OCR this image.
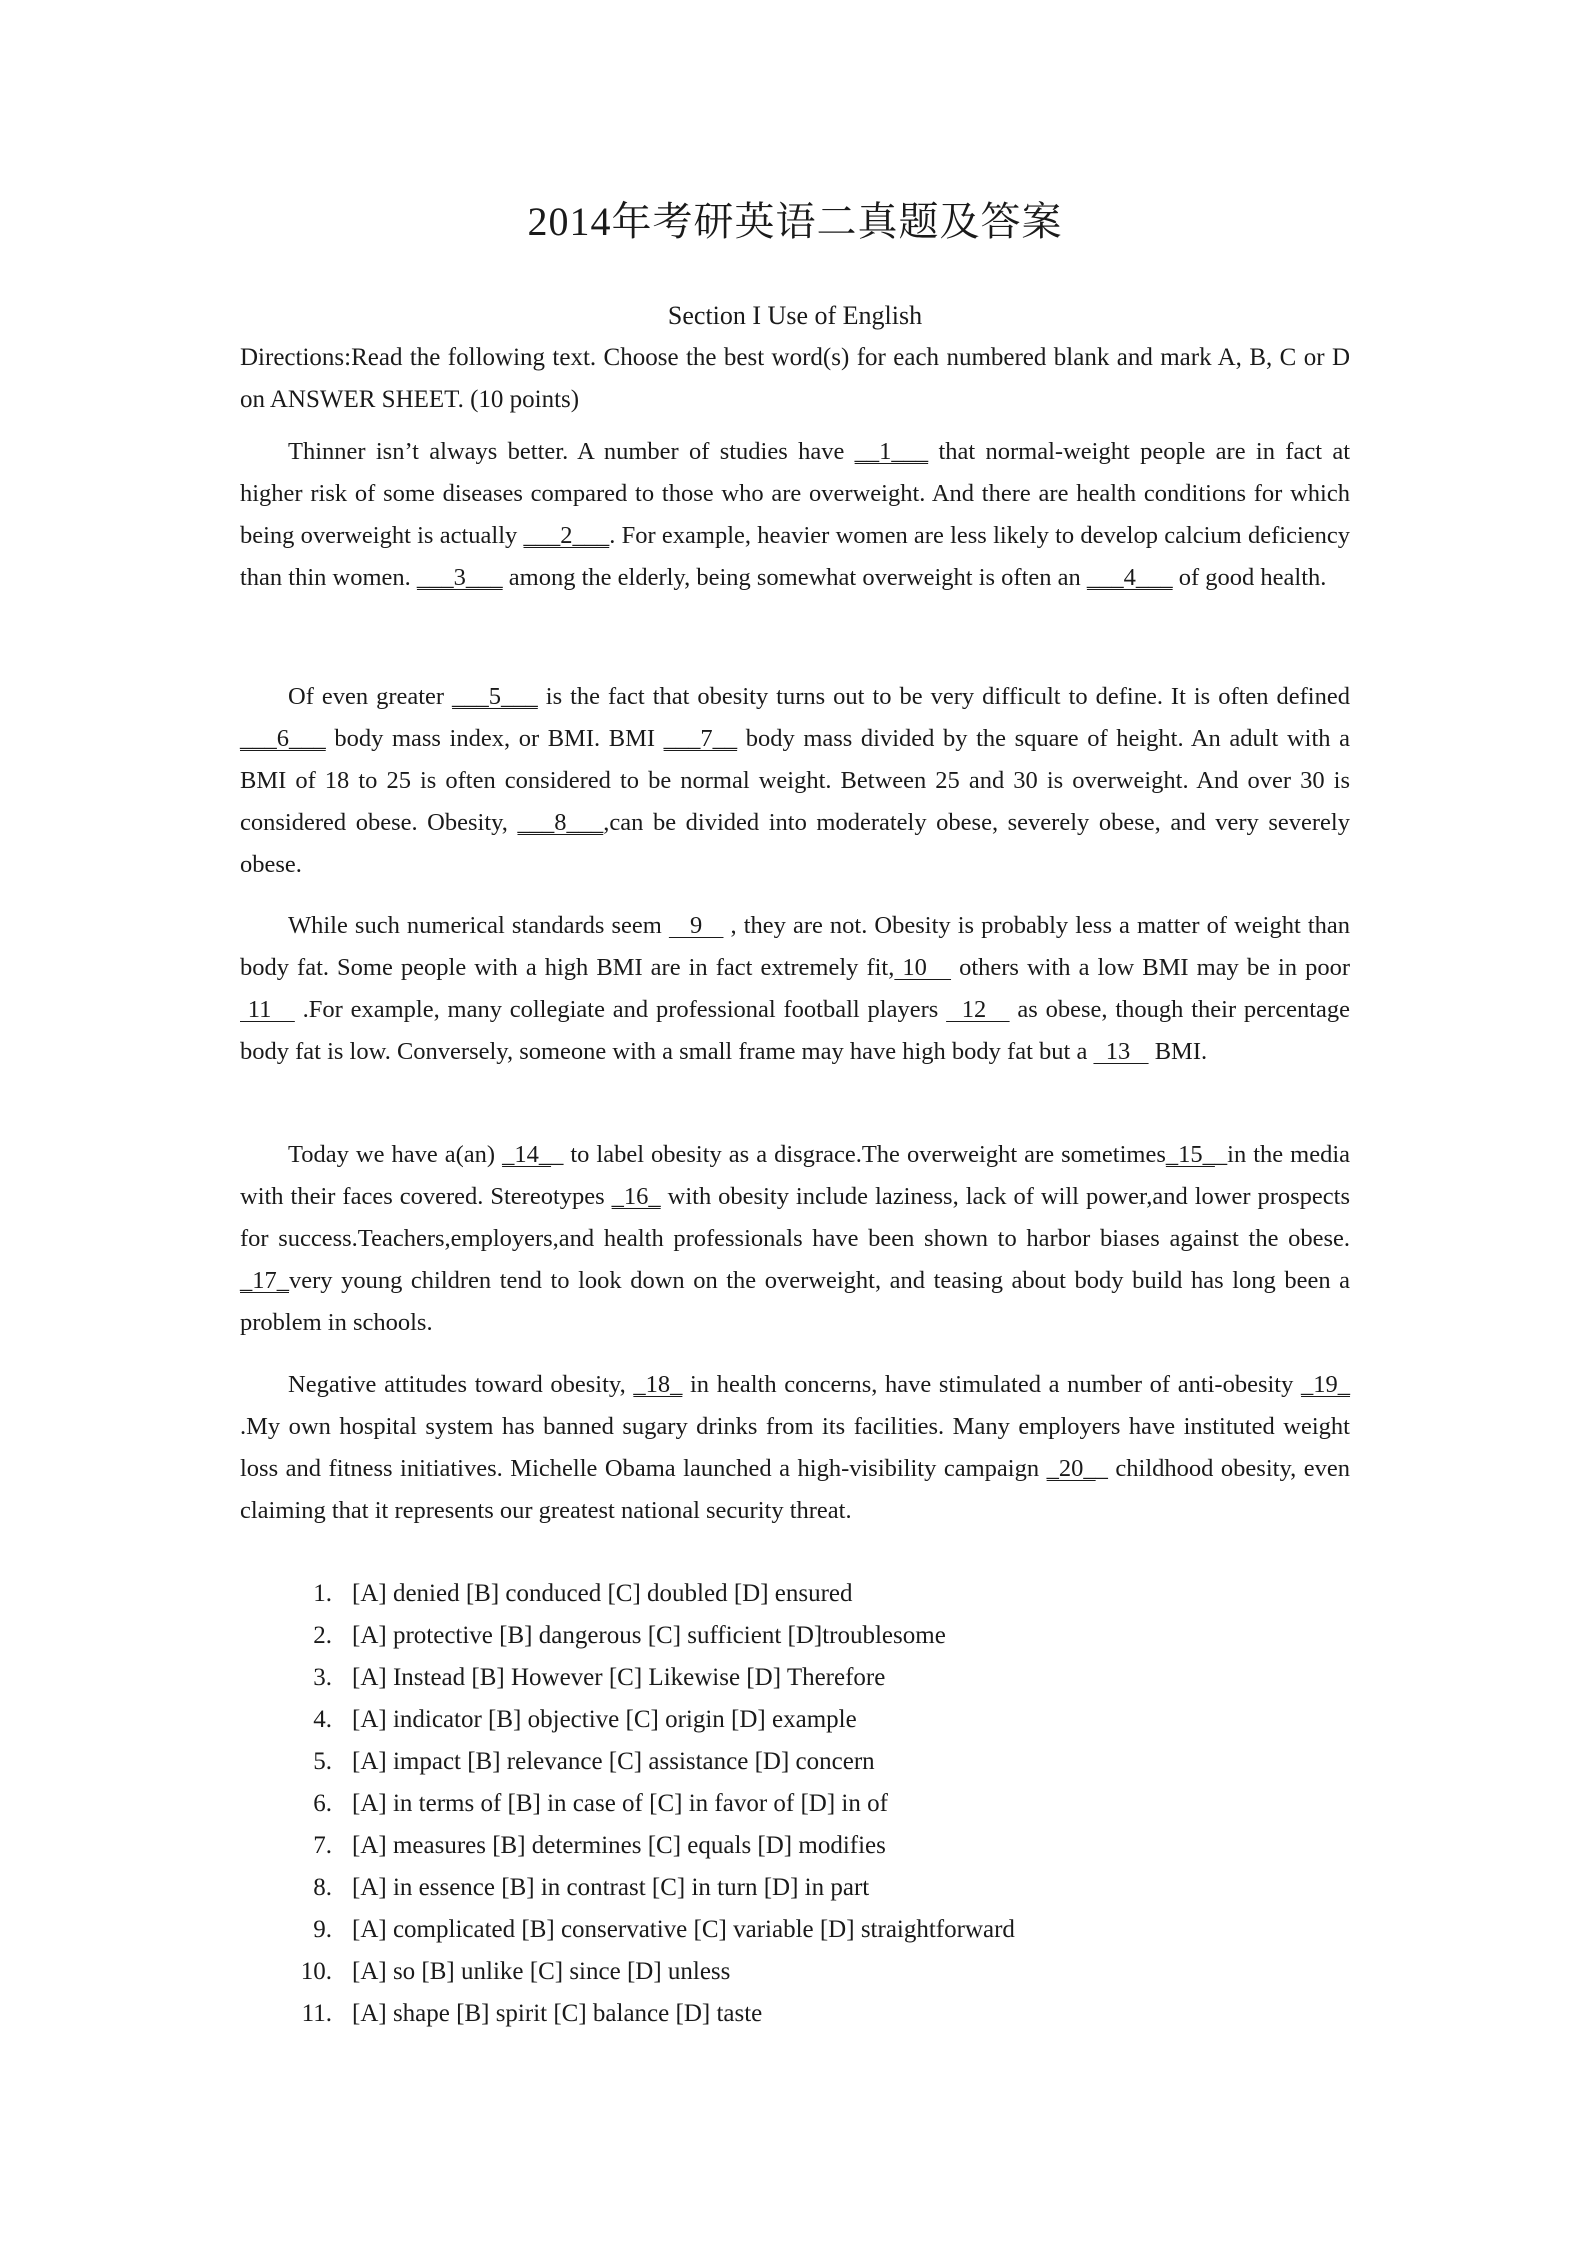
2014年考研英语二真题及答案
Section I Use of English
Directions:Read the following text. Choose the best word(s) for each numbered blank and mark A, B, C or D on ANSWER SHEET. (10 points)

Thinner isn’t always better. A number of studies have __1___ that normal-weight people are in fact at higher risk of some diseases compared to those who are overweight. And there are health conditions for which being overweight is actually ___2___. For example, heavier women are less likely to develop calcium deficiency than thin women. ___3___ among the elderly, being somewhat overweight is often an ___4___ of good health.

Of even greater ___5___ is the fact that obesity turns out to be very difficult to define. It is often defined ___6___ body mass index, or BMI. BMI ___7__ body mass divided by the square of height. An adult with a BMI of 18 to 25 is often considered to be normal weight. Between 25 and 30 is overweight. And over 30 is considered obese. Obesity, ___8___,can be divided into moderately obese, severely obese, and very severely obese.

While such numerical standards seem    9    , they are not. Obesity is probably less a matter of weight than body fat. Some people with a high BMI are in fact extremely fit, 10    others with a low BMI may be in poor 11    .For example, many collegiate and professional football players   12    as obese, though their percentage body fat is low. Conversely, someone with a small frame may have high body fat but a   13    BMI.

Today we have a(an) _14__ to label obesity as a disgrace.The overweight are sometimes_15__in the media with their faces covered. Stereotypes _16_ with obesity include laziness, lack of will power,and lower prospects for success.Teachers,employers,and health professionals have been shown to harbor biases against the obese. _17_very young children tend to look down on the overweight, and teasing about body build has long been a problem in schools.

Negative attitudes toward obesity, _18_ in health concerns, have stimulated a number of anti-obesity _19_ .My own hospital system has banned sugary drinks from its facilities. Many employers have instituted weight loss and fitness initiatives. Michelle Obama launched a high-visibility campaign _20__ childhood obesity, even claiming that it represents our greatest national security threat.

1. [A] denied [B] conduced [C] doubled [D] ensured
2. [A] protective [B] dangerous [C] sufficient [D]troublesome
3. [A] Instead [B] However [C] Likewise [D] Therefore
4. [A] indicator [B] objective [C] origin [D] example
5. [A] impact [B] relevance [C] assistance [D] concern
6. [A] in terms of [B] in case of [C] in favor of [D] in of
7. [A] measures [B] determines [C] equals [D] modifies
8. [A] in essence [B] in contrast [C] in turn [D] in part
9. [A] complicated [B] conservative [C] variable [D] straightforward
10. [A] so [B] unlike [C] since [D] unless
11. [A] shape [B] spirit [C] balance [D] taste
